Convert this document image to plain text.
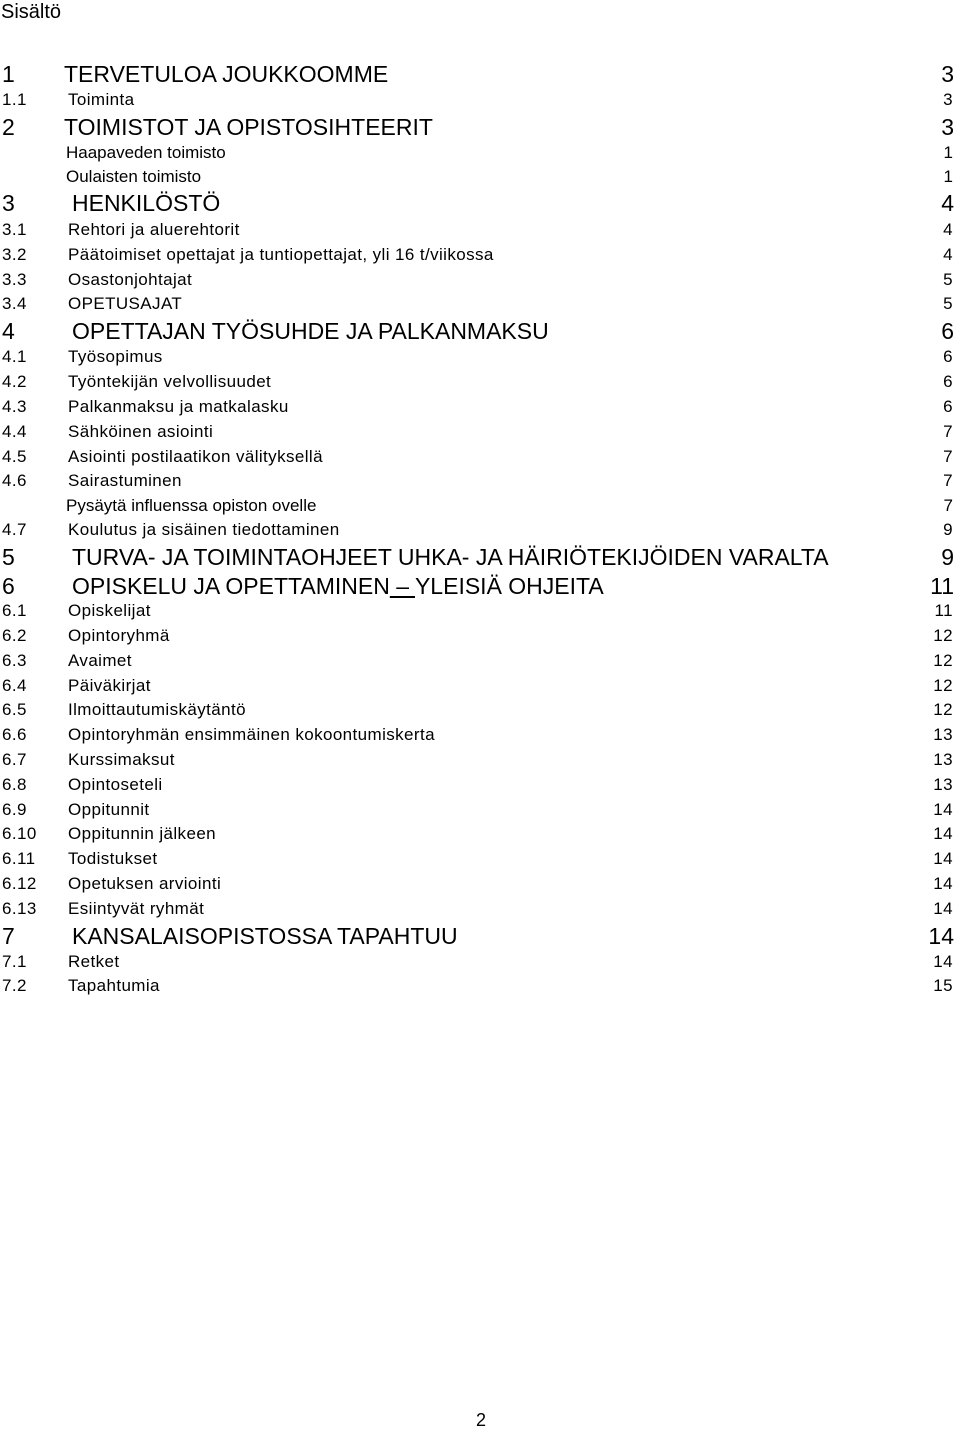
Sisältö
1 TERVETULOA JOUKKOOMME	3
1.1 Toiminta	3
2 TOIMISTOT JA OPISTOSIHTEERIT	3
Haapaveden toimisto	1
Oulaisten toimisto	1
3 HENKILÖSTÖ	4
3.1 Rehtori ja aluerehtorit	4
3.2 Päätoimiset opettajat ja tuntiopettajat, yli 16 t/viikossa	4
3.3 Osastonjohtajat	5
3.4 OPETUSAJAT	5
4 OPETTAJAN TYÖSUHDE JA PALKANMAKSU	6
4.1 Työsopimus	6
4.2 Työntekijän velvollisuudet	6
4.3 Palkanmaksu ja matkalasku	6
4.4 Sähköinen asiointi	7
4.5 Asiointi postilaatikon välityksellä	7
4.6 Sairastuminen	7
Pysäytä influenssa opiston ovelle	7
4.7 Koulutus ja sisäinen tiedottaminen	9
5 TURVA- JA TOIMINTAOHJEET UHKA- JA HÄIRIÖTEKIJÖIDEN VARALTA	9
6 OPISKELU JA OPETTAMINEN – YLEISIÄ OHJEITA	11
6.1 Opiskelijat	11
6.2 Opintoryhmä	12
6.3 Avaimet	12
6.4 Päiväkirjat	12
6.5 Ilmoittautumiskäytäntö	12
6.6 Opintoryhmän ensimmäinen kokoontumiskerta	13
6.7 Kurssimaksut	13
6.8 Opintoseteli	13
6.9 Oppitunnit	14
6.10 Oppitunnin jälkeen	14
6.11 Todistukset	14
6.12 Opetuksen arviointi	14
6.13 Esiintyvät ryhmät	14
7 KANSALAISOPISTOSSA TAPAHTUU	14
7.1 Retket	14
7.2 Tapahtumia	15
2
